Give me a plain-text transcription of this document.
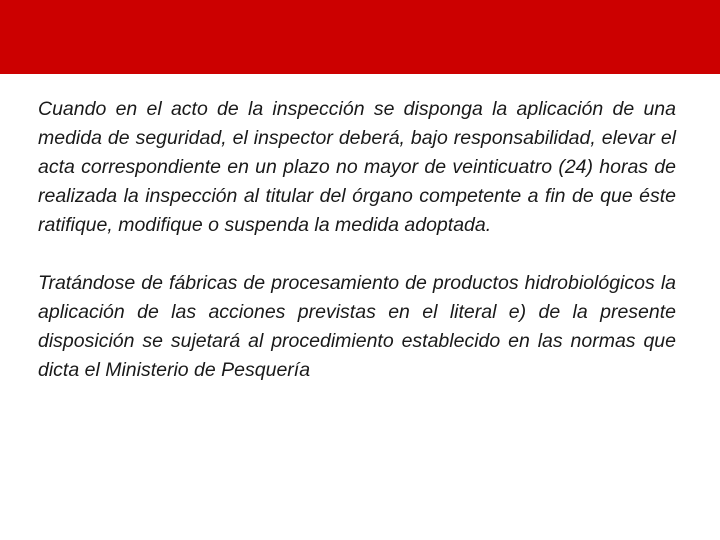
Cuando en el acto de la inspección se disponga la aplicación de una medida de seguridad, el inspector deberá, bajo responsabilidad, elevar el acta correspondiente en un plazo no mayor de veinticuatro (24) horas de realizada la inspección al titular del órgano competente a fin de que éste ratifique, modifique o suspenda la medida adoptada.

Tratándose de fábricas de procesamiento de productos hidrobiológicos la aplicación de las acciones previstas en el literal e) de la presente disposición se sujetará al procedimiento establecido en las normas que dicta el Ministerio de Pesquería
